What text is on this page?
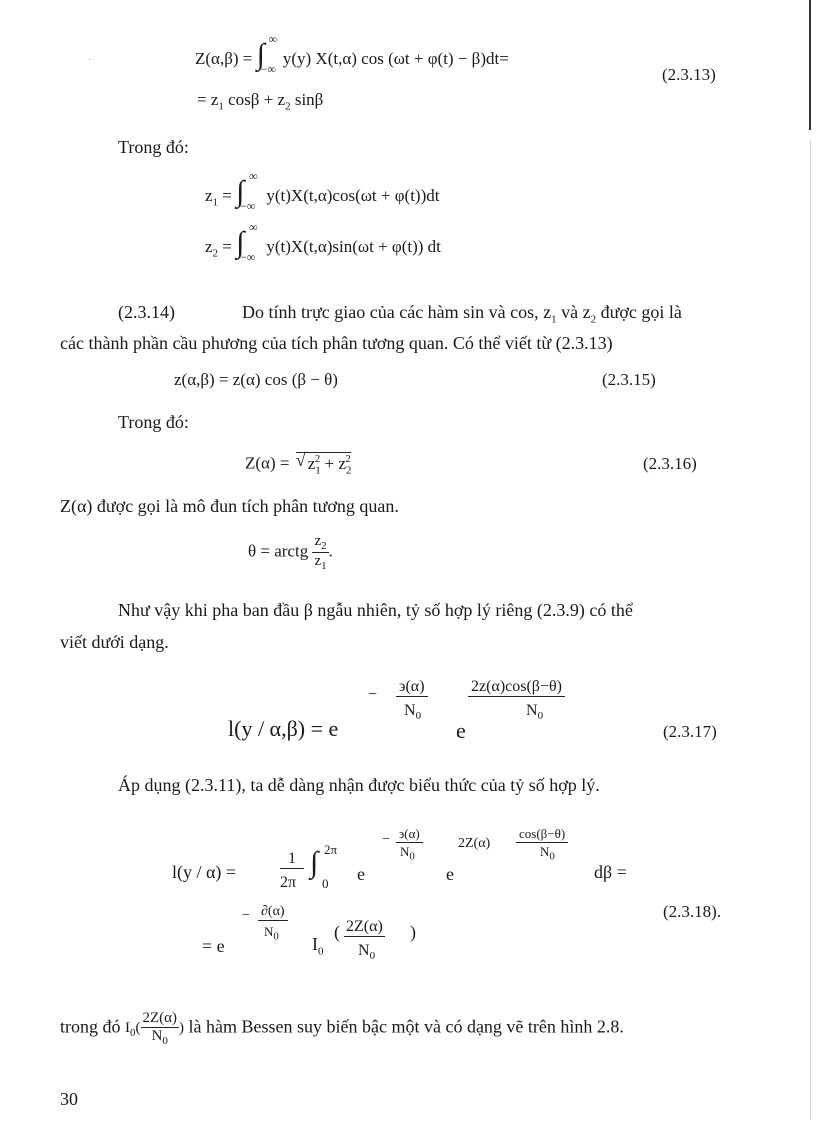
·	Z(α,β) = ∫ ∞
−∞
y(y) X(t,α) cos (ωt + φ(t) − β)dt=
(2.3.13)
= $z_1$ $\cos\beta + z_2$ sinβ
Trong đó:
$z_1$ = ∫ ∞
−∞
y(t)X(t,α)cos(ωt + φ(t))dt
$z_2$ = ∫ ∞
−∞
y(t)X(t,α)sin(ωt + φ(t)) dt
(2.3.14)	Do tính trực giao của các hàm sin và cos, $z_1$ và $z_2$ được gọi là
các thành phần cầu phương của tích phân tương quan. Có thể viết từ (2.3.13)
z(α,β) = z(α) cos (β − θ)	(2.3.15)
Trong đó:
Z(α) = √ $z_1^2 + z_2^2$	(2.3.16)
Z(α) được gọi là mô đun tích phân tương quan.
θ = arctg $\frac{z_2}{z_1}$ .
Như vậy khi pha ban đầu β ngẫu nhiên, tỷ số hợp lý riêng (2.3.9) có thể
viết dưới dạng.
− ϶(α)
$N_0$
2z(α)cos(β−θ)
$N_0$
l(y / α,β) = e	e	(2.3.17)
Áp dụng (2.3.11), ta dễ dàng nhận được biểu thức của tỷ số hợp lý.
l(y / α) =
1
2π
∫ 2π
0
− ϶(α)
$N_0$
e	e
2Z(α)
cos(β−θ)
$N_0$
dβ =
− ∂(α)
$N_0$
= e	$I_0$
( 2Z(α)
$N_0$
)
(2.3.18).
trong đó $I_0( \frac{2Z(\alpha)}{N_0}$ ) là hàm Bessen suy biến bậc một và có dạng vẽ trên hình 2.8.
30
